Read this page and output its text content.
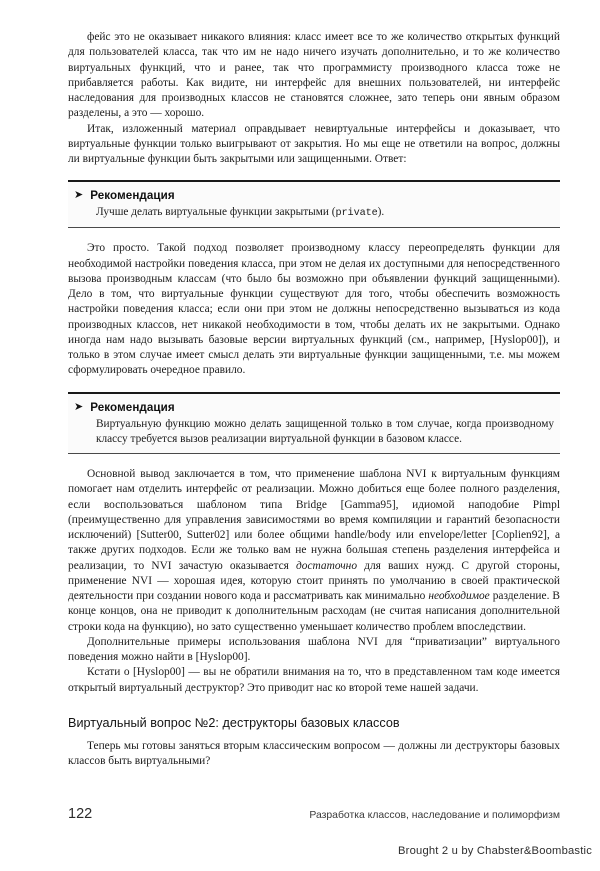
фейс это не оказывает никакого влияния: класс имеет все то же количество открытых функций для пользователей класса, так что им не надо ничего изучать дополнительно, и то же количество виртуальных функций, что и ранее, так что программисту производного класса тоже не прибавляется работы. Как видите, ни интерфейс для внешних пользователей, ни интерфейс наследования для производных классов не становятся сложнее, зато теперь они явным образом разделены, а это — хорошо.

Итак, изложенный материал оправдывает невиртуальные интерфейсы и доказывает, что виртуальные функции только выигрывают от закрытия. Но мы еще не ответили на вопрос, должны ли виртуальные функции быть закрытыми или защищенными. Ответ:

➤ Рекомендация

Лучше делать виртуальные функции закрытыми (private).

Это просто. Такой подход позволяет производному классу переопределять функции для необходимой настройки поведения класса, при этом не делая их доступными для непосредственного вызова производным классам (что было бы возможно при объявлении функций защищенными). Дело в том, что виртуальные функции существуют для того, чтобы обеспечить возможность настройки поведения класса; если они при этом не должны непосредственно вызываться из кода производных классов, нет никакой необходимости в том, чтобы делать их не закрытыми. Однако иногда нам надо вызывать базовые версии виртуальных функций (см., например, [Hyslop00]), и только в этом случае имеет смысл делать эти виртуальные функции защищенными, т.е. мы можем сформулировать очередное правило.

➤ Рекомендация

Виртуальную функцию можно делать защищенной только в том случае, когда производному классу требуется вызов реализации виртуальной функции в базовом классе.

Основной вывод заключается в том, что применение шаблона NVI к виртуальным функциям помогает нам отделить интерфейс от реализации. Можно добиться еще более полного разделения, если воспользоваться шаблоном типа Bridge [Gamma95], идиомой наподобие Pimpl (преимущественно для управления зависимостями во время компиляции и гарантий безопасности исключений) [Sutter00, Sutter02] или более общими handle/body или envelope/letter [Coplien92], а также других подходов. Если же только вам не нужна большая степень разделения интерфейса и реализации, то NVI зачастую оказывается достаточно для ваших нужд. С другой стороны, применение NVI — хорошая идея, которую стоит принять по умолчанию в своей практической деятельности при создании нового кода и рассматривать как минимально необходимое разделение. В конце концов, она не приводит к дополнительным расходам (не считая написания дополнительной строки кода на функцию), но зато существенно уменьшает количество проблем впоследствии.

Дополнительные примеры использования шаблона NVI для “приватизации” виртуального поведения можно найти в [Hyslop00].

Кстати о [Hyslop00] — вы не обратили внимания на то, что в представленном там коде имеется открытый виртуальный деструктор? Это приводит нас ко второй теме нашей задачи.

Виртуальный вопрос №2: деструкторы базовых классов

Теперь мы готовы заняться вторым классическим вопросом — должны ли деструкторы базовых классов быть виртуальными?

122	Разработка классов, наследование и полиморфизм
Brought 2 u by Chabster&Boombastic
